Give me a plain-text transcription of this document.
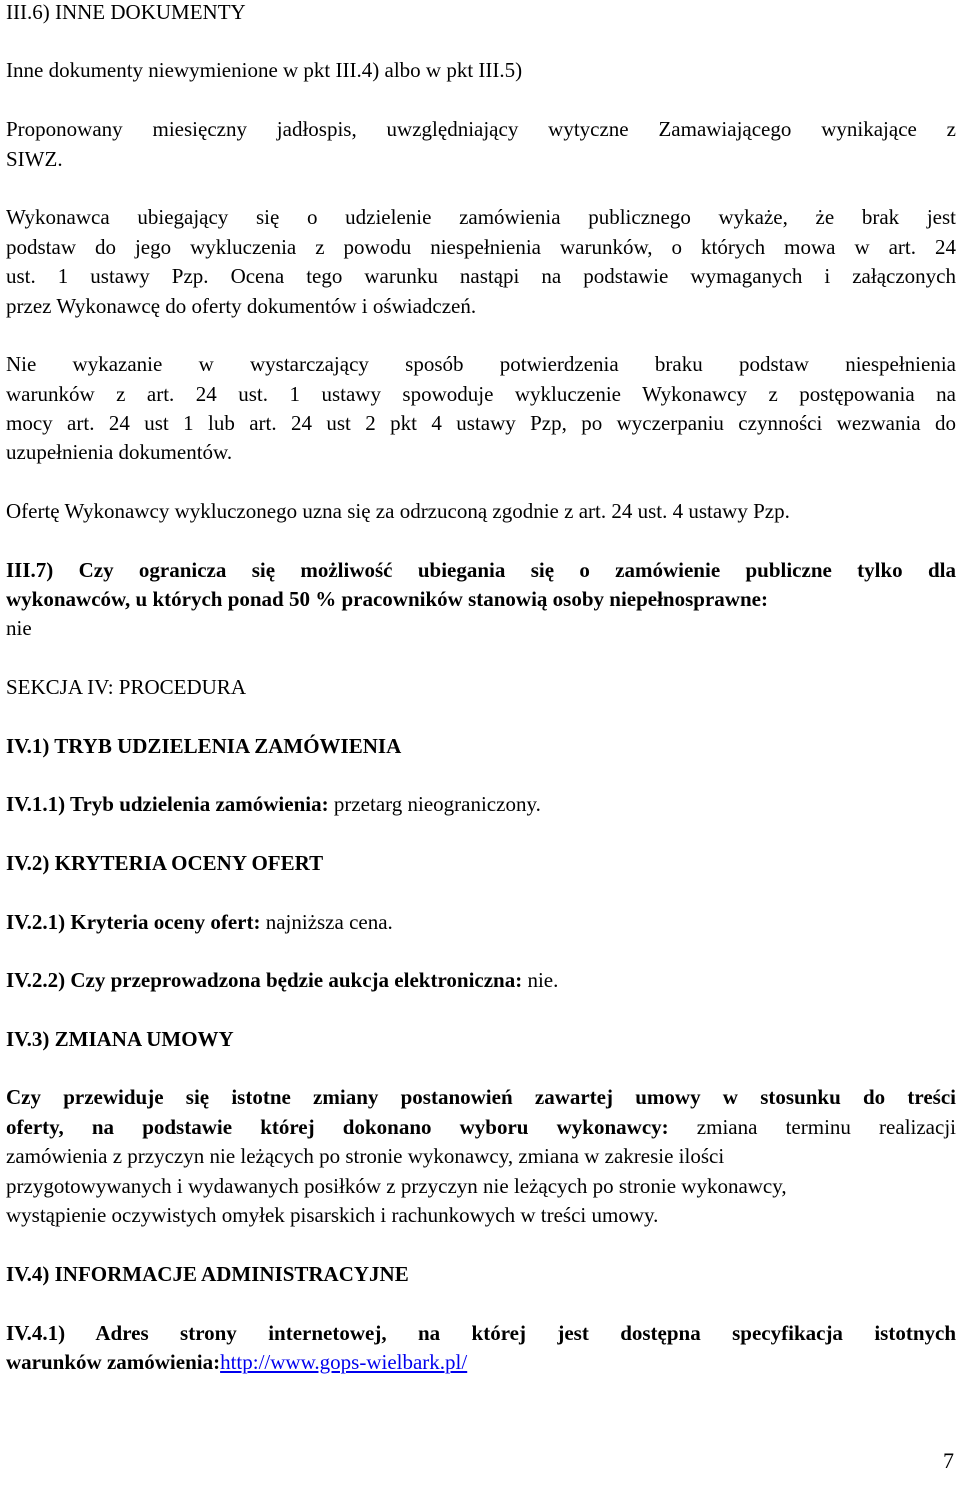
III.6) INNE DOKUMENTY
Inne dokumenty niewymienione w pkt III.4) albo w pkt III.5)
Proponowany miesięczny jadłospis, uwzględniający wytyczne Zamawiającego wynikające z
SIWZ.
Wykonawca ubiegający się o udzielenie zamówienia publicznego wykaże, że brak jest
podstaw do jego wykluczenia z powodu niespełnienia warunków, o których mowa w art. 24
ust. 1 ustawy Pzp. Ocena tego warunku nastąpi na podstawie wymaganych i załączonych
przez Wykonawcę do oferty dokumentów i oświadczeń.
Nie wykazanie w wystarczający sposób potwierdzenia braku podstaw niespełnienia
warunków z art. 24 ust. 1 ustawy spowoduje wykluczenie Wykonawcy z postępowania na
mocy art. 24 ust 1 lub art. 24 ust 2 pkt 4 ustawy Pzp, po wyczerpaniu czynności wezwania do
uzupełnienia dokumentów.
Ofertę Wykonawcy wykluczonego uzna się za odrzuconą zgodnie z art. 24 ust. 4 ustawy Pzp.
III.7) Czy ogranicza się możliwość ubiegania się o zamówienie publiczne tylko dla
wykonawców, u których ponad 50 % pracowników stanowią osoby niepełnosprawne:
nie
SEKCJA IV: PROCEDURA
IV.1) TRYB UDZIELENIA ZAMÓWIENIA
IV.1.1) Tryb udzielenia zamówienia: przetarg nieograniczony.
IV.2) KRYTERIA OCENY OFERT
IV.2.1) Kryteria oceny ofert: najniższa cena.
IV.2.2) Czy przeprowadzona będzie aukcja elektroniczna: nie.
IV.3) ZMIANA UMOWY
Czy przewiduje się istotne zmiany postanowień zawartej umowy w stosunku do treści
oferty, na podstawie której dokonano wyboru wykonawcy: zmiana terminu realizacji
zamówienia z przyczyn nie leżących po stronie wykonawcy, zmiana w zakresie ilości
przygotowywanych i wydawanych posiłków z przyczyn nie leżących po stronie wykonawcy,
wystąpienie oczywistych omyłek pisarskich i rachunkowych w treści umowy.
IV.4) INFORMACJE ADMINISTRACYJNE
IV.4.1) Adres strony internetowej, na której jest dostępna specyfikacja istotnych
warunków zamówienia:http://www.gops-wielbark.pl/
7
